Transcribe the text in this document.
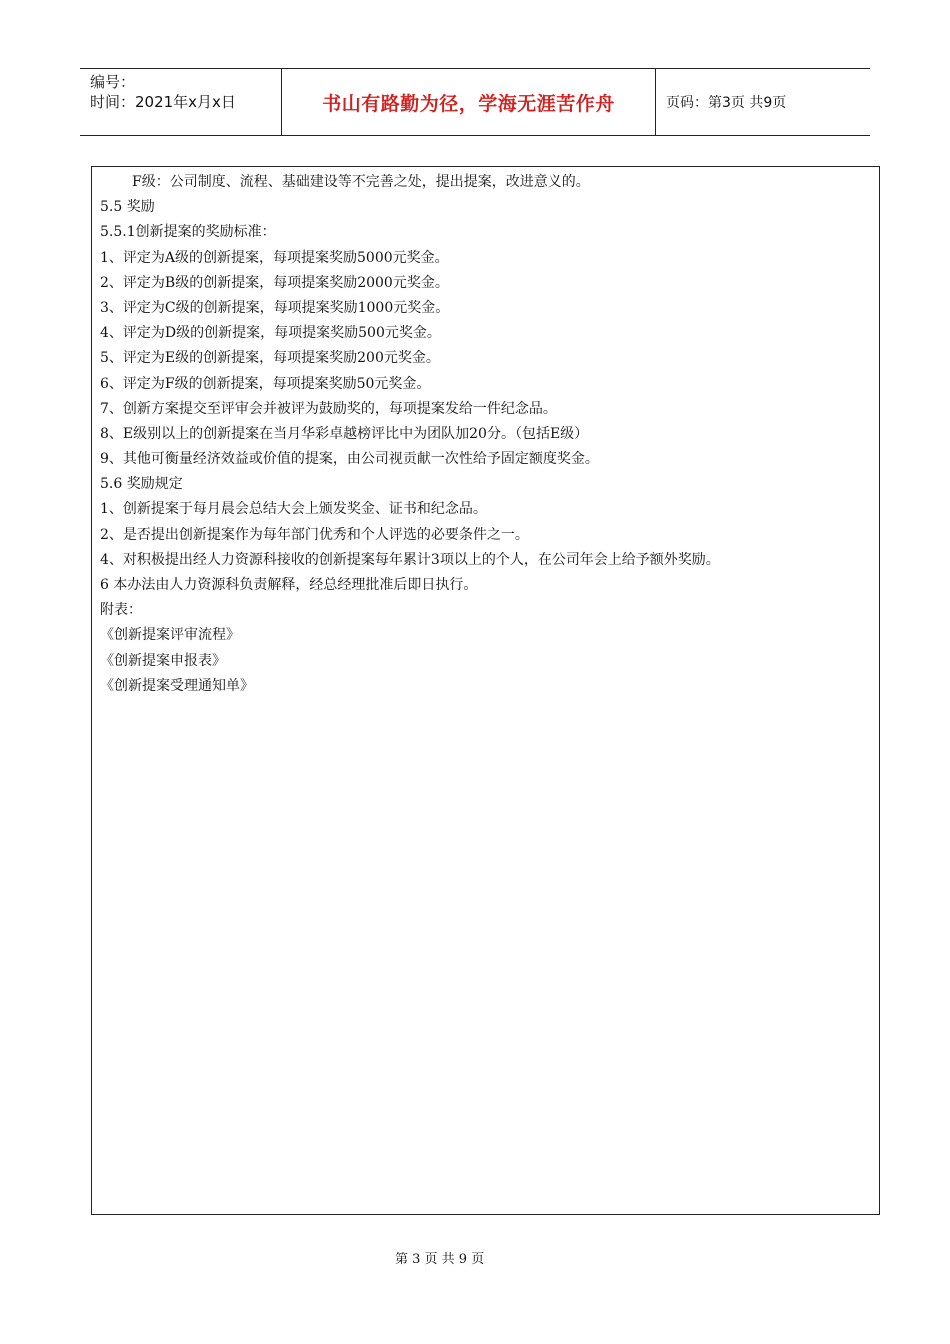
编号：
时间：2021年x月x日	书山有路勤为径，学海无涯苦作舟	页码：第3页 共9页
F级：公司制度、流程、基础建设等不完善之处，提出提案，改进意义的。
5.5 奖励
5.5.1创新提案的奖励标准：
1、评定为A级的创新提案，每项提案奖励5000元奖金。
2、评定为B级的创新提案，每项提案奖励2000元奖金。
3、评定为C级的创新提案，每项提案奖励1000元奖金。
4、评定为D级的创新提案，每项提案奖励500元奖金。
5、评定为E级的创新提案，每项提案奖励200元奖金。
6、评定为F级的创新提案，每项提案奖励50元奖金。
7、创新方案提交至评审会并被评为鼓励奖的，每项提案发给一件纪念品。
8、E级别以上的创新提案在当月华彩卓越榜评比中为团队加20分。（包括E级）
9、其他可衡量经济效益或价值的提案，由公司视贡献一次性给予固定额度奖金。
5.6 奖励规定
1、创新提案于每月晨会总结大会上颁发奖金、证书和纪念品。
2、是否提出创新提案作为每年部门优秀和个人评选的必要条件之一。
4、对积极提出经人力资源科接收的创新提案每年累计3项以上的个人，在公司年会上给予额外奖励。
6 本办法由人力资源科负责解释，经总经理批准后即日执行。
附表：
《创新提案评审流程》
《创新提案申报表》
《创新提案受理通知单》
第 3 页 共 9 页
